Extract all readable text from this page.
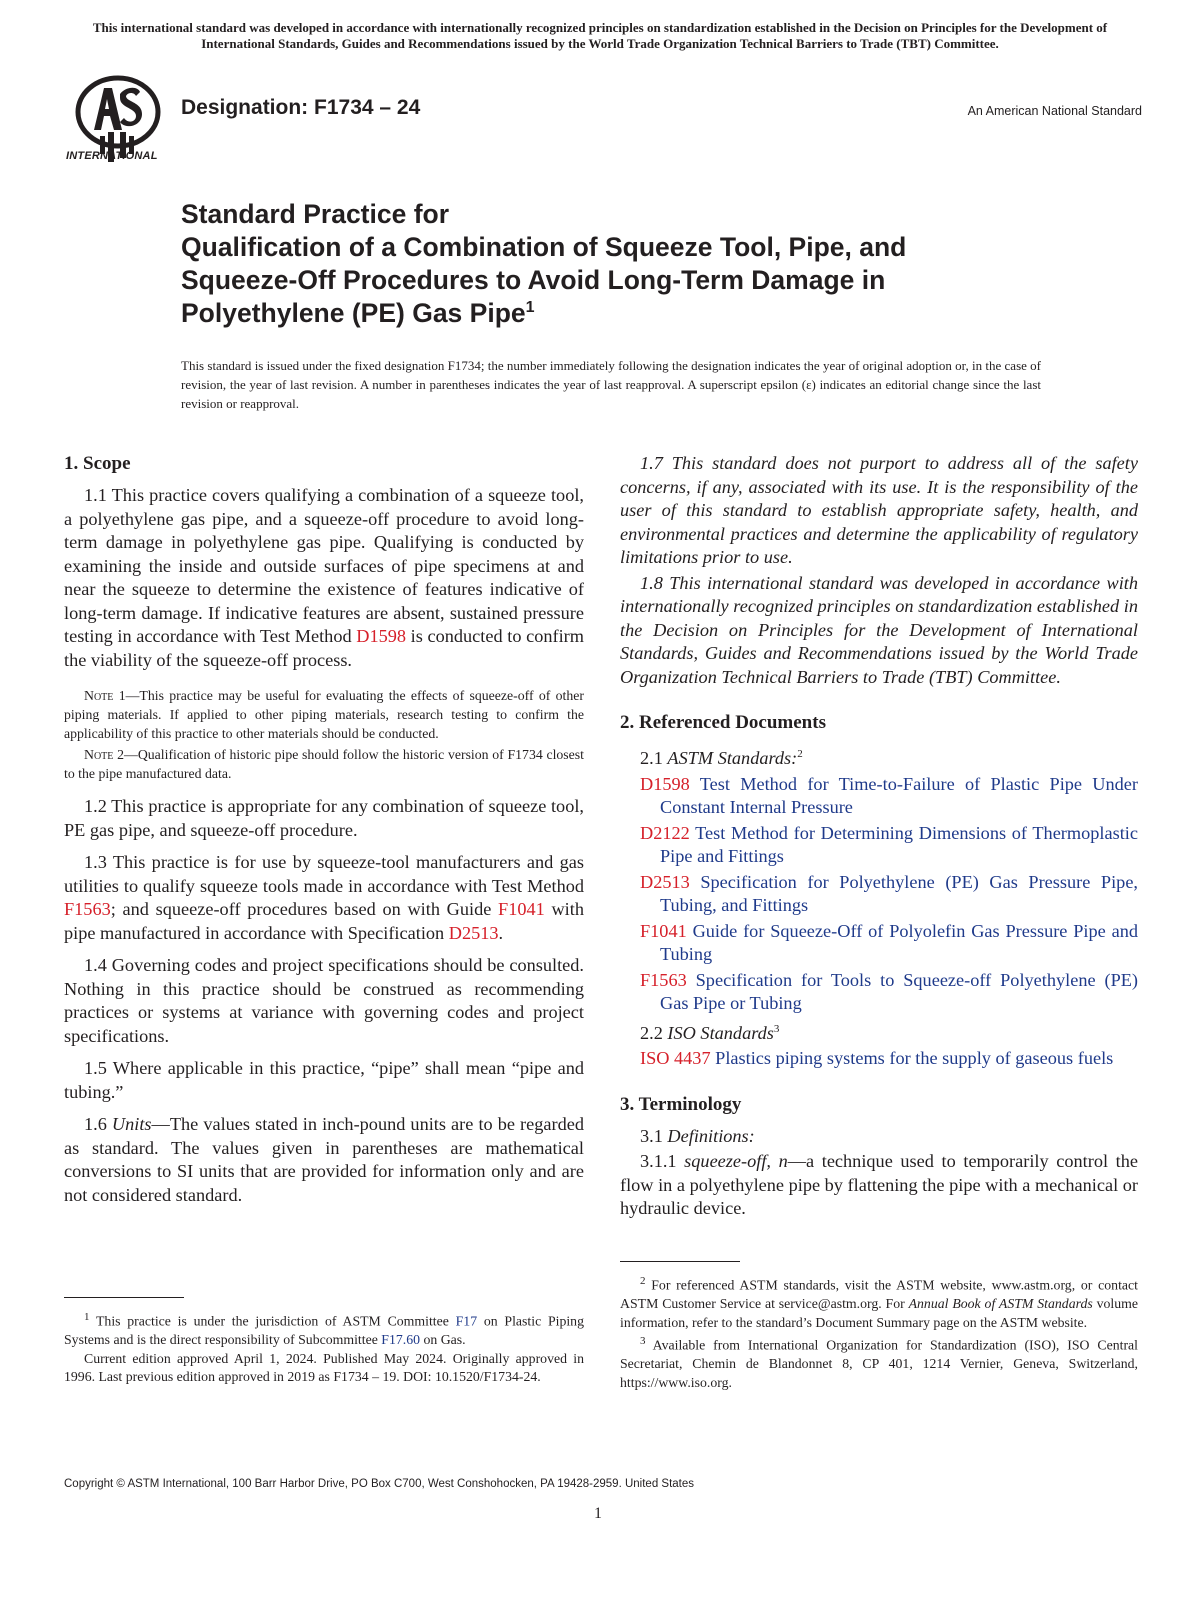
This international standard was developed in accordance with internationally recognized principles on standardization established in the Decision on Principles for the Development of International Standards, Guides and Recommendations issued by the World Trade Organization Technical Barriers to Trade (TBT) Committee.
INTERNATIONAL
Designation: F1734 – 24	An American National Standard
Standard Practice for
Qualification of a Combination of Squeeze Tool, Pipe, and
Squeeze-Off Procedures to Avoid Long-Term Damage in
Polyethylene (PE) Gas Pipe$^1$
This standard is issued under the fixed designation F1734; the number immediately following the designation indicates the year of original adoption or, in the case of revision, the year of last revision. A number in parentheses indicates the year of last reapproval. A superscript epsilon (ε) indicates an editorial change since the last revision or reapproval.
1. Scope

1.1 This practice covers qualifying a combination of a squeeze tool, a polyethylene gas pipe, and a squeeze-off procedure to avoid long-term damage in polyethylene gas pipe. Qualifying is conducted by examining the inside and outside surfaces of pipe specimens at and near the squeeze to determine the existence of features indicative of long-term damage. If indicative features are absent, sustained pressure testing in accordance with Test Method D1598 is conducted to confirm the viability of the squeeze-off process.

Note 1—This practice may be useful for evaluating the effects of squeeze-off of other piping materials. If applied to other piping materials, research testing to confirm the applicability of this practice to other materials should be conducted.

Note 2—Qualification of historic pipe should follow the historic version of F1734 closest to the pipe manufactured data.

1.2 This practice is appropriate for any combination of squeeze tool, PE gas pipe, and squeeze-off procedure.

1.3 This practice is for use by squeeze-tool manufacturers and gas utilities to qualify squeeze tools made in accordance with Test Method F1563; and squeeze-off procedures based on with Guide F1041 with pipe manufactured in accordance with Specification D2513.

1.4 Governing codes and project specifications should be consulted. Nothing in this practice should be construed as recommending practices or systems at variance with governing codes and project specifications.

1.5 Where applicable in this practice, “pipe” shall mean “pipe and tubing.”

1.6 Units—The values stated in inch-pound units are to be regarded as standard. The values given in parentheses are mathematical conversions to SI units that are provided for information only and are not considered standard.

1.7 This standard does not purport to address all of the safety concerns, if any, associated with its use. It is the responsibility of the user of this standard to establish appropriate safety, health, and environmental practices and determine the applicability of regulatory limitations prior to use.

1.8 This international standard was developed in accordance with internationally recognized principles on standardization established in the Decision on Principles for the Development of International Standards, Guides and Recommendations issued by the World Trade Organization Technical Barriers to Trade (TBT) Committee.

2. Referenced Documents

2.1 ASTM Standards:$^2$

D1598 Test Method for Time-to-Failure of Plastic Pipe Under Constant Internal Pressure

D2122 Test Method for Determining Dimensions of Thermoplastic Pipe and Fittings

D2513 Specification for Polyethylene (PE) Gas Pressure Pipe, Tubing, and Fittings

F1041 Guide for Squeeze-Off of Polyolefin Gas Pressure Pipe and Tubing

F1563 Specification for Tools to Squeeze-off Polyethylene (PE) Gas Pipe or Tubing

2.2 ISO Standards$^3$

ISO 4437 Plastics piping systems for the supply of gaseous fuels

3. Terminology

3.1 Definitions:

3.1.1 squeeze-off, n—a technique used to temporarily control the flow in a polyethylene pipe by flattening the pipe with a mechanical or hydraulic device.

$^1$ This practice is under the jurisdiction of ASTM Committee F17 on Plastic Piping Systems and is the direct responsibility of Subcommittee F17.60 on Gas.

Current edition approved April 1, 2024. Published May 2024. Originally approved in 1996. Last previous edition approved in 2019 as F1734 – 19. DOI: 10.1520/F1734-24.

$^2$ For referenced ASTM standards, visit the ASTM website, www.astm.org, or contact ASTM Customer Service at service@astm.org. For Annual Book of ASTM Standards volume information, refer to the standard’s Document Summary page on the ASTM website.

$^3$ Available from International Organization for Standardization (ISO), ISO Central Secretariat, Chemin de Blandonnet 8, CP 401, 1214 Vernier, Geneva, Switzerland, https://www.iso.org.

Copyright © ASTM International, 100 Barr Harbor Drive, PO Box C700, West Conshohocken, PA 19428-2959. United States
1
